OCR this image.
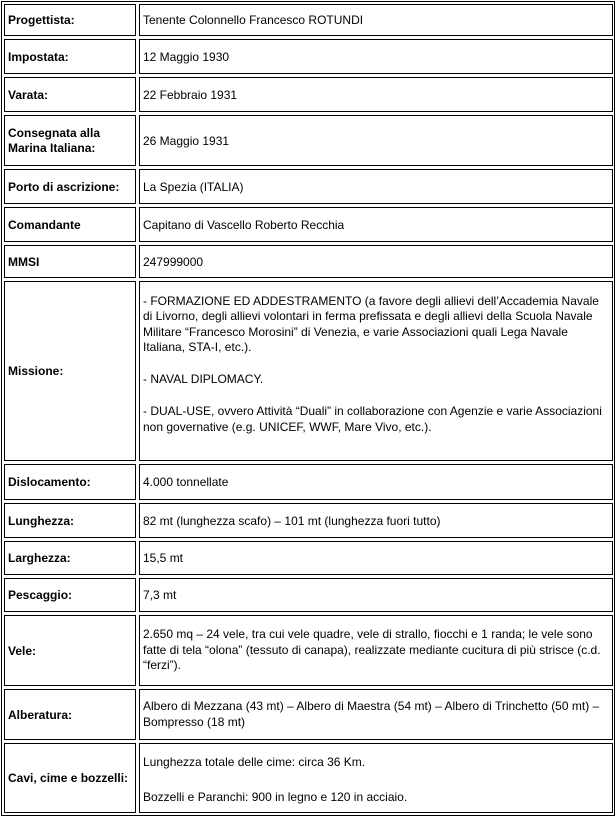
Progettista:	Tenente Colonnello Francesco ROTUNDI
Impostata:	12 Maggio 1930
Varata:	22 Febbraio 1931
Consegnata alla Marina Italiana:	26 Maggio 1931
Porto di ascrizione: La Spezia (ITALIA)
Comandante	Capitano di Vascello Roberto Recchia
MMSI	247999000
Missione:

- FORMAZIONE ED ADDESTRAMENTO (a favore degli allievi dell’Accademia Navale di Livorno, degli allievi volontari in ferma prefissata e degli allievi della Scuola Navale Militare “Francesco Morosini” di Venezia, e varie Associazioni quali Lega Navale Italiana, STA-I, etc.).

- NAVAL DIPLOMACY.

- DUAL-USE, ovvero Attività “Duali” in collaborazione con Agenzie e varie Associazioni non governative (e.g. UNICEF, WWF, Mare Vivo, etc.).

Dislocamento:	4.000 tonnellate
Lunghezza:	82 mt (lunghezza scafo) – 101 mt (lunghezza fuori tutto)
Larghezza:	15,5 mt
Pescaggio:	7,3 mt
Vele:
2.650 mq – 24 vele, tra cui vele quadre, vele di strallo, fiocchi e 1 randa; le vele sono fatte di tela “olona” (tessuto di canapa), realizzate mediante cucitura di più strisce (c.d. “ferzi”).
Alberatura:
Albero di Mezzana (43 mt) – Albero di Maestra (54 mt) – Albero di Trinchetto (50 mt) – Bompresso (18 mt)
Cavi, cime e bozzelli:

Lunghezza totale delle cime: circa 36 Km.

Bozzelli e Paranchi: 900 in legno e 120 in acciaio.
